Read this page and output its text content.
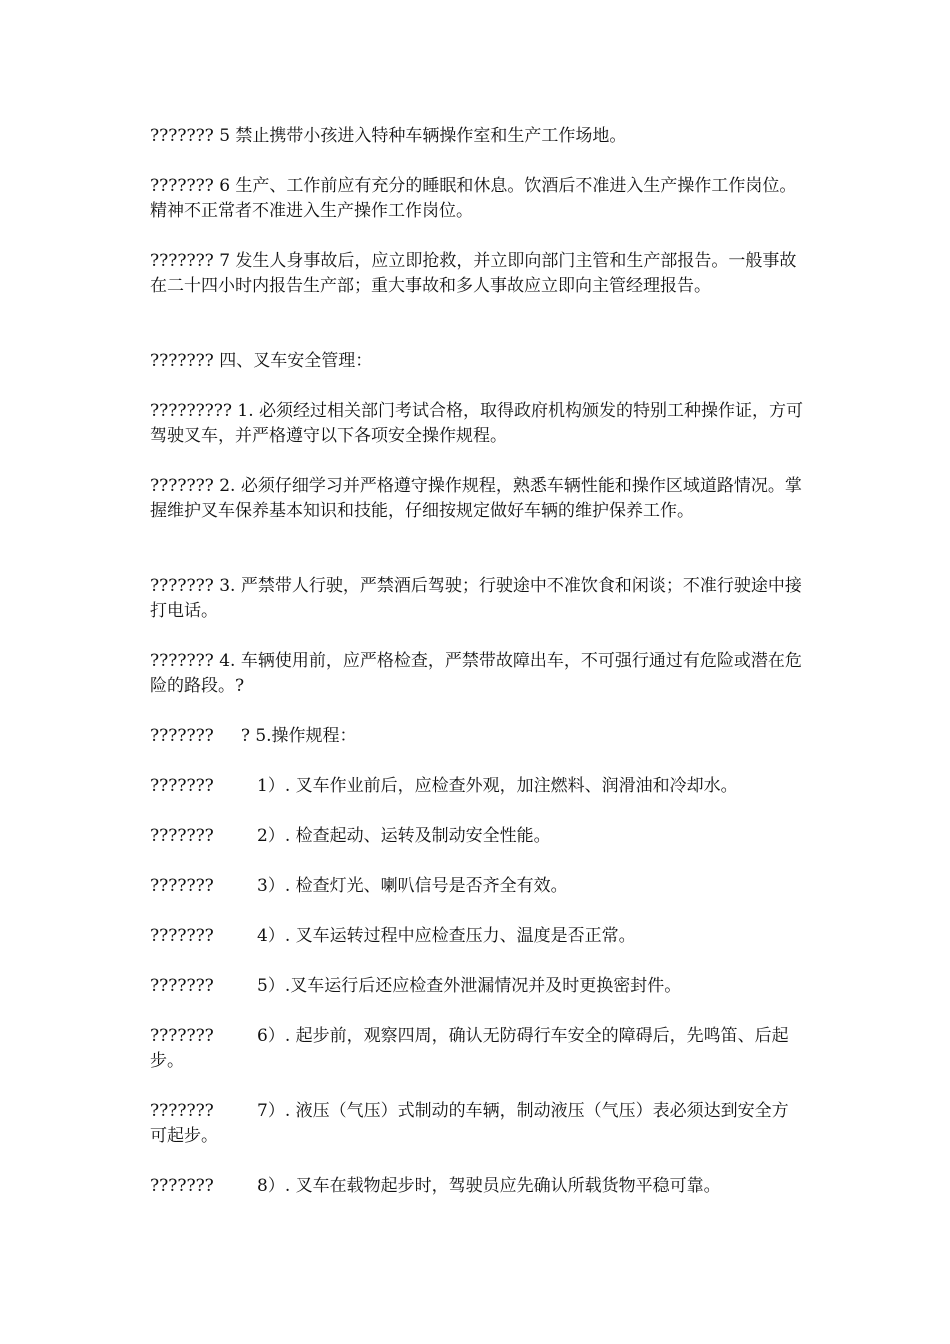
??????? 5 禁止携带小孩进入特种车辆操作室和生产工作场地。

??????? 6 生产、工作前应有充分的睡眠和休息。饮酒后不准进入生产操作工作岗位。精神不正常者不准进入生产操作工作岗位。

??????? 7 发生人身事故后，应立即抢救，并立即向部门主管和生产部报告。一般事故在二十四小时内报告生产部；重大事故和多人事故应立即向主管经理报告。

??????? 四、叉车安全管理：

????????? 1. 必须经过相关部门考试合格，取得政府机构颁发的特别工种操作证，方可驾驶叉车，并严格遵守以下各项安全操作规程。

??????? 2. 必须仔细学习并严格遵守操作规程，熟悉车辆性能和操作区域道路情况。掌握维护叉车保养基本知识和技能，仔细按规定做好车辆的维护保养工作。

??????? 3. 严禁带人行驶，严禁酒后驾驶；行驶途中不准饮食和闲谈；不准行驶途中接打电话。

??????? 4. 车辆使用前，应严格检查，严禁带故障出车，不可强行通过有危险或潜在危险的路段。?

???????     ? 5.操作规程：

???????        1）. 叉车作业前后，应检查外观，加注燃料、润滑油和冷却水。

???????        2）. 检查起动、运转及制动安全性能。

???????        3）. 检查灯光、喇叭信号是否齐全有效。

???????        4）. 叉车运转过程中应检查压力、温度是否正常。

???????        5）.叉车运行后还应检查外泄漏情况并及时更换密封件。

???????        6）. 起步前，观察四周，确认无防碍行车安全的障碍后，先鸣笛、后起步。

???????        7）. 液压（气压）式制动的车辆，制动液压（气压）表必须达到安全方可起步。

???????        8）. 叉车在载物起步时，驾驶员应先确认所载货物平稳可靠。
